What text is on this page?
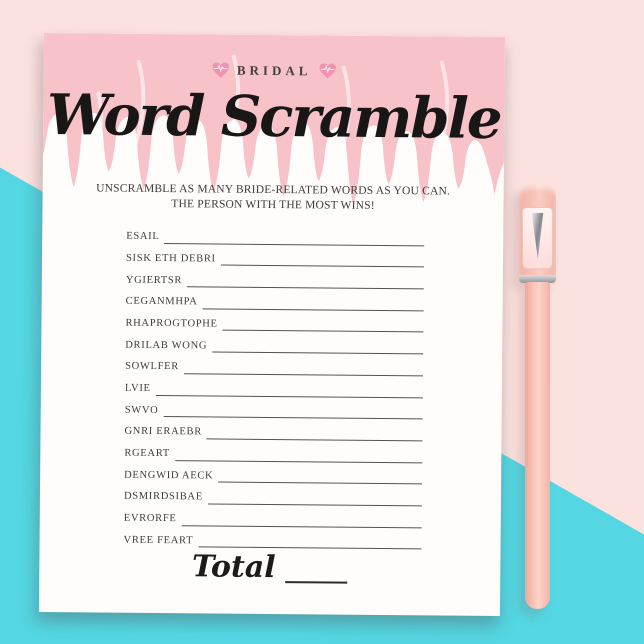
BRIDAL
Word Scramble

UNSCRAMBLE AS MANY BRIDE-RELATED WORDS AS YOU CAN.

THE PERSON WITH THE MOST WINS!

ESAIL
SISK ETH DEBRI
YGIERTSR
CEGANMHPA
RHAPROGTOPHE
DRILAB WONG
SOWLFER
LVIE
SWVO
GNRI ERAEBR
RGEART
DENGWID AECK
DSMIRDSIBAE
EVRORFE
VREE FEART
Total
